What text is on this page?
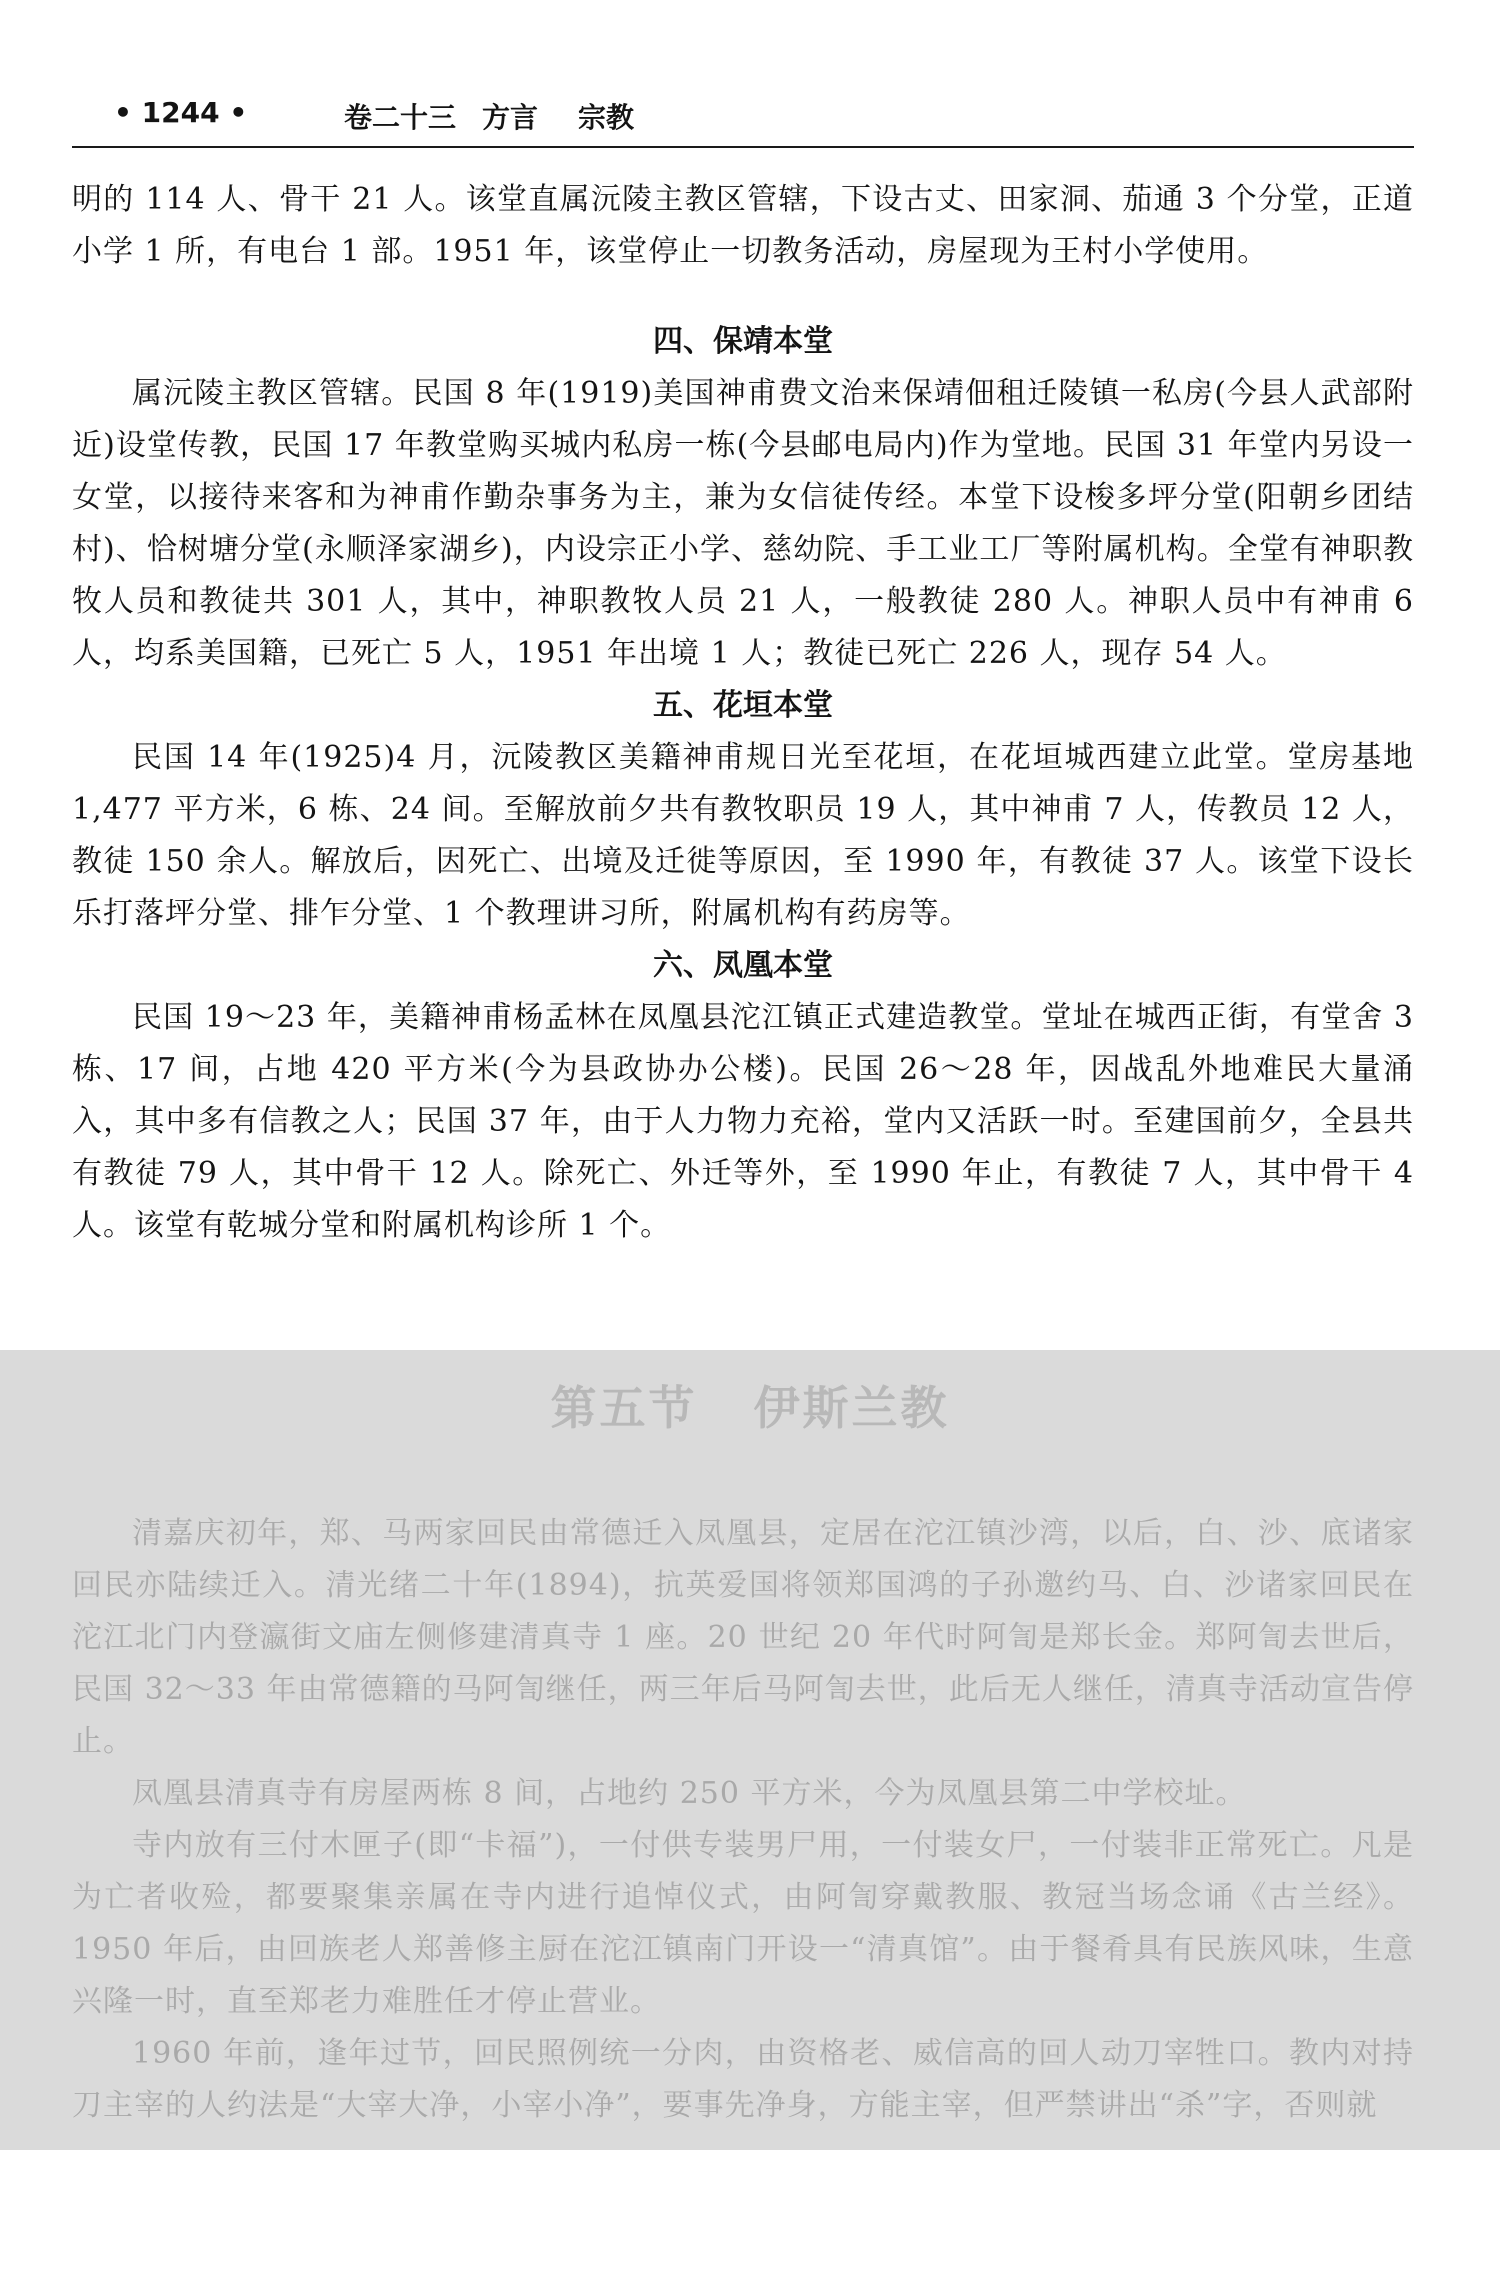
• 1244 •	卷二十三 方言 宗教

明的 114 人、骨干 21 人。该堂直属沅陵主教区管辖，下设古丈、田家洞、茄通 3 个分堂，正道小学 1 所，有电台 1 部。1951 年，该堂停止一切教务活动，房屋现为王村小学使用。

四、保靖本堂

属沅陵主教区管辖。民国 8 年(1919)美国神甫费文治来保靖佃租迁陵镇一私房(今县人武部附近)设堂传教，民国 17 年教堂购买城内私房一栋(今县邮电局内)作为堂地。民国 31 年堂内另设一女堂，以接待来客和为神甫作勤杂事务为主，兼为女信徒传经。本堂下设梭多坪分堂(阳朝乡团结村)、恰树塘分堂(永顺泽家湖乡)，内设宗正小学、慈幼院、手工业工厂等附属机构。全堂有神职教牧人员和教徒共 301 人，其中，神职教牧人员 21 人，一般教徒 280 人。神职人员中有神甫 6 人，均系美国籍，已死亡 5 人，1951 年出境 1 人；教徒已死亡 226 人，现存 54 人。

五、花垣本堂

民国 14 年(1925)4 月，沅陵教区美籍神甫规日光至花垣，在花垣城西建立此堂。堂房基地 1,477 平方米，6 栋、24 间。至解放前夕共有教牧职员 19 人，其中神甫 7 人，传教员 12 人，教徒 150 余人。解放后，因死亡、出境及迁徙等原因，至 1990 年，有教徒 37 人。该堂下设长乐打落坪分堂、排乍分堂、1 个教理讲习所，附属机构有药房等。

六、凤凰本堂

民国 19～23 年，美籍神甫杨孟林在凤凰县沱江镇正式建造教堂。堂址在城西正街，有堂舍 3 栋、17 间，占地 420 平方米(今为县政协办公楼)。民国 26～28 年，因战乱外地难民大量涌入，其中多有信教之人；民国 37 年，由于人力物力充裕，堂内又活跃一时。至建国前夕，全县共有教徒 79 人，其中骨干 12 人。除死亡、外迁等外，至 1990 年止，有教徒 7 人，其中骨干 4 人。该堂有乾城分堂和附属机构诊所 1 个。

第五节 伊斯兰教

清嘉庆初年，郑、马两家回民由常德迁入凤凰县，定居在沱江镇沙湾，以后，白、沙、底诸家回民亦陆续迁入。清光绪二十年(1894)，抗英爱国将领郑国鸿的子孙邀约马、白、沙诸家回民在沱江北门内登瀛街文庙左侧修建清真寺 1 座。20 世纪 20 年代时阿訇是郑长金。郑阿訇去世后，民国 32～33 年由常德籍的马阿訇继任，两三年后马阿訇去世，此后无人继任，清真寺活动宣告停止。

凤凰县清真寺有房屋两栋 8 间，占地约 250 平方米，今为凤凰县第二中学校址。

寺内放有三付木匣子(即“卡福”)，一付供专装男尸用，一付装女尸，一付装非正常死亡。凡是为亡者收殓，都要聚集亲属在寺内进行追悼仪式，由阿訇穿戴教服、教冠当场念诵《古兰经》。1950 年后，由回族老人郑善修主厨在沱江镇南门开设一“清真馆”。由于餐肴具有民族风味，生意兴隆一时，直至郑老力难胜任才停止营业。

1960 年前，逢年过节，回民照例统一分肉，由资格老、威信高的回人动刀宰牲口。教内对持刀主宰的人约法是“大宰大净，小宰小净”，要事先净身，方能主宰，但严禁讲出“杀”字，否则就
